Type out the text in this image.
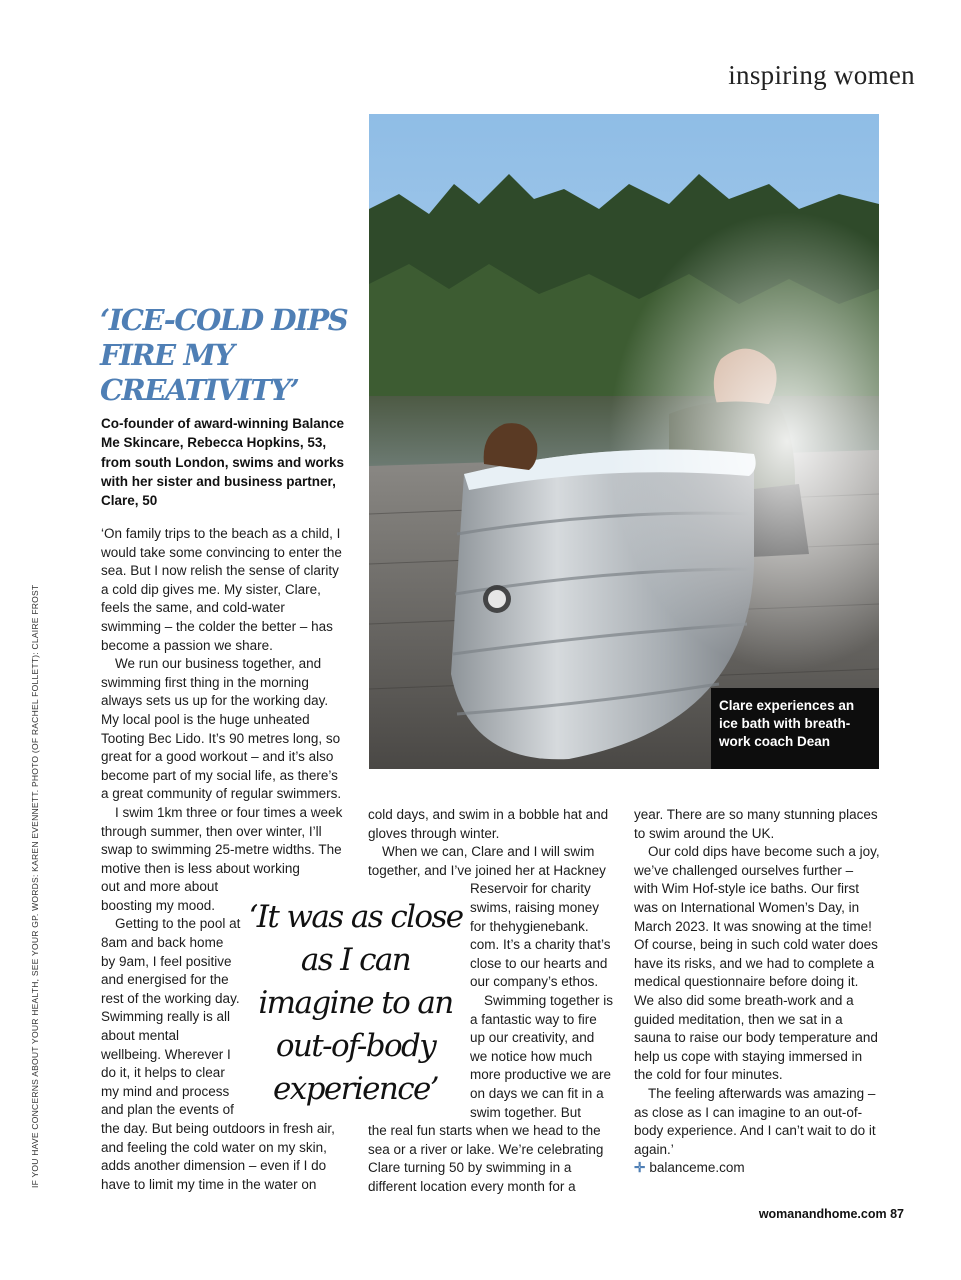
inspiring women
Clare experiences an ice bath with breath-work coach Dean
‘ICE-COLD DIPS
FIRE MY
CREATIVITY’

Co-founder of award-winning Balance Me Skincare, Rebecca Hopkins, 53, from south London, swims and works with her sister and business partner, Clare, 50

‘On family trips to the beach as a child, I would take some convincing to enter the sea. But I now relish the sense of clarity a cold dip gives me. My sister, Clare, feels the same, and cold-water swimming – the colder the better – has become a passion we share.

We run our business together, and swimming first thing in the morning always sets us up for the working day. My local pool is the huge unheated Tooting Bec Lido. It’s 90 metres long, so great for a good workout – and it’s also become part of my social life, as there’s a great community of regular swimmers.

I swim 1km three or four times a week through summer, then over winter, I’ll swap to swimming 25-metre widths. The motive then is less about working

out and more about boosting my mood.

Getting to the pool at 8am and back home by 9am, I feel positive and energised for the rest of the working day. Swimming really is all about mental wellbeing. Wherever I do it, it helps to clear my mind and process and plan the events of

the day. But being outdoors in fresh air, and feeling the cold water on my skin, adds another dimension – even if I do have to limit my time in the water on

‘It was as close
as I can
imagine to an
out-of-body
experience’

cold days, and swim in a bobble hat and gloves through winter.

When we can, Clare and I will swim together, and I’ve joined her at Hackney

Reservoir for charity swims, raising money for thehygienebank. com. It’s a charity that’s close to our hearts and our company’s ethos.

Swimming together is a fantastic way to fire up our creativity, and we notice how much more productive we are on days we can fit in a swim together. But

the real fun starts when we head to the sea or a river or lake. We’re celebrating Clare turning 50 by swimming in a different location every month for a

year. There are so many stunning places to swim around the UK.

Our cold dips have become such a joy, we’ve challenged ourselves further – with Wim Hof-style ice baths. Our first was on International Women’s Day, in March 2023. It was snowing at the time! Of course, being in such cold water does have its risks, and we had to complete a medical questionnaire before doing it. We also did some breath-work and a guided meditation, then we sat in a sauna to raise our body temperature and help us cope with staying immersed in the cold for four minutes.

The feeling afterwards was amazing – as close as I can imagine to an out-of-body experience. And I can’t wait to do it again.’

✛ balanceme.com

IF YOU HAVE CONCERNS ABOUT YOUR HEALTH, SEE YOUR GP. WORDS: KAREN EVENNETT. PHOTO (OF RACHEL FOLLETT): CLAIRE FROST
womanandhome.com 87
